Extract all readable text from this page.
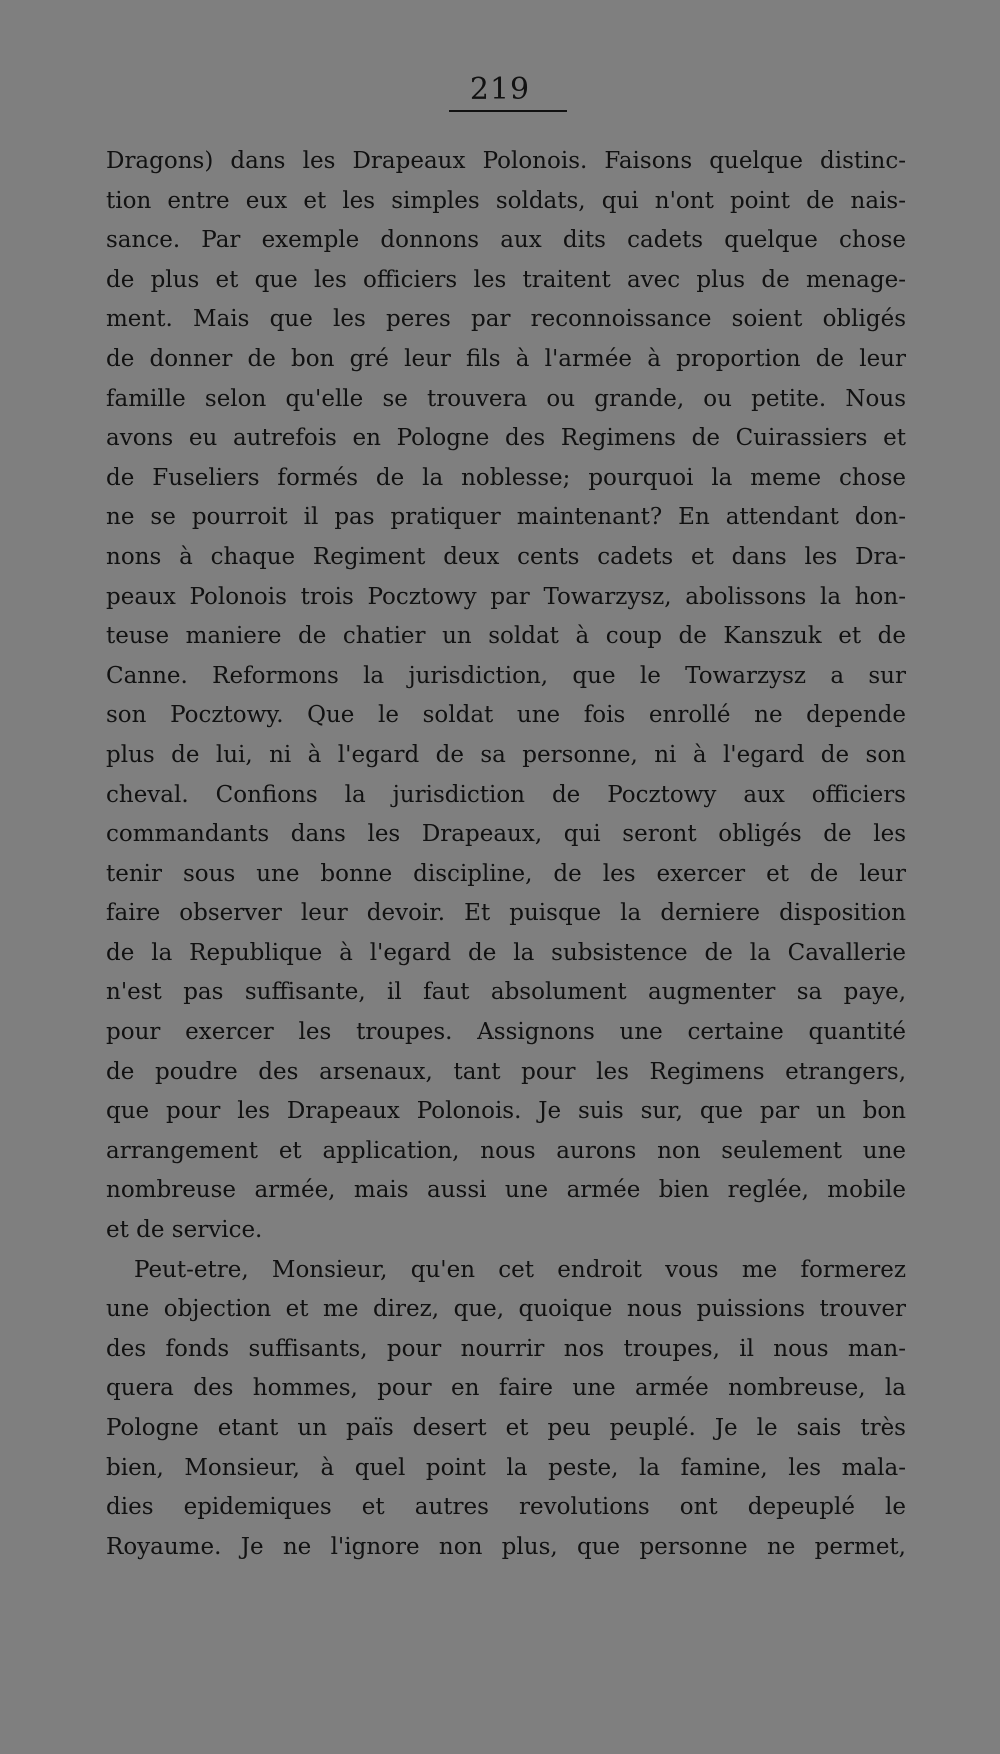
219
Dragons) dans les Drapeaux Polonois. Faisons quelque distinc-
tion entre eux et les simples soldats, qui n'ont point de nais-
sance. Par exemple donnons aux dits cadets quelque chose
de plus et que les officiers les traitent avec plus de menage-
ment. Mais que les peres par reconnoissance soient obligés
de donner de bon gré leur fils à l'armée à proportion de leur
famille selon qu'elle se trouvera ou grande, ou petite. Nous
avons eu autrefois en Pologne des Regimens de Cuirassiers et
de Fuseliers formés de la noblesse; pourquoi la meme chose
ne se pourroit il pas pratiquer maintenant? En attendant don-
nons à chaque Regiment deux cents cadets et dans les Dra-
peaux Polonois trois Pocztowy par Towarzysz, abolissons la hon-
teuse maniere de chatier un soldat à coup de Kanszuk et de
Canne. Reformons la jurisdiction, que le Towarzysz a sur
son Pocztowy. Que le soldat une fois enrollé ne depende
plus de lui, ni à l'egard de sa personne, ni à l'egard de son
cheval. Confions la jurisdiction de Pocztowy aux officiers
commandants dans les Drapeaux, qui seront obligés de les
tenir sous une bonne discipline, de les exercer et de leur
faire observer leur devoir. Et puisque la derniere disposition
de la Republique à l'egard de la subsistence de la Cavallerie
n'est pas suffisante, il faut absolument augmenter sa paye,
pour exercer les troupes. Assignons une certaine quantité
de poudre des arsenaux, tant pour les Regimens etrangers,
que pour les Drapeaux Polonois. Je suis sur, que par un bon
arrangement et application, nous aurons non seulement une
nombreuse armée, mais aussi une armée bien reglée, mobile
et de service.
Peut-etre, Monsieur, qu'en cet endroit vous me formerez
une objection et me direz, que, quoique nous puissions trouver
des fonds suffisants, pour nourrir nos troupes, il nous man-
quera des hommes, pour en faire une armée nombreuse, la
Pologne etant un païs desert et peu peuplé. Je le sais très
bien, Monsieur, à quel point la peste, la famine, les mala-
dies epidemiques et autres revolutions ont depeuplé le
Royaume. Je ne l'ignore non plus, que personne ne permet,
